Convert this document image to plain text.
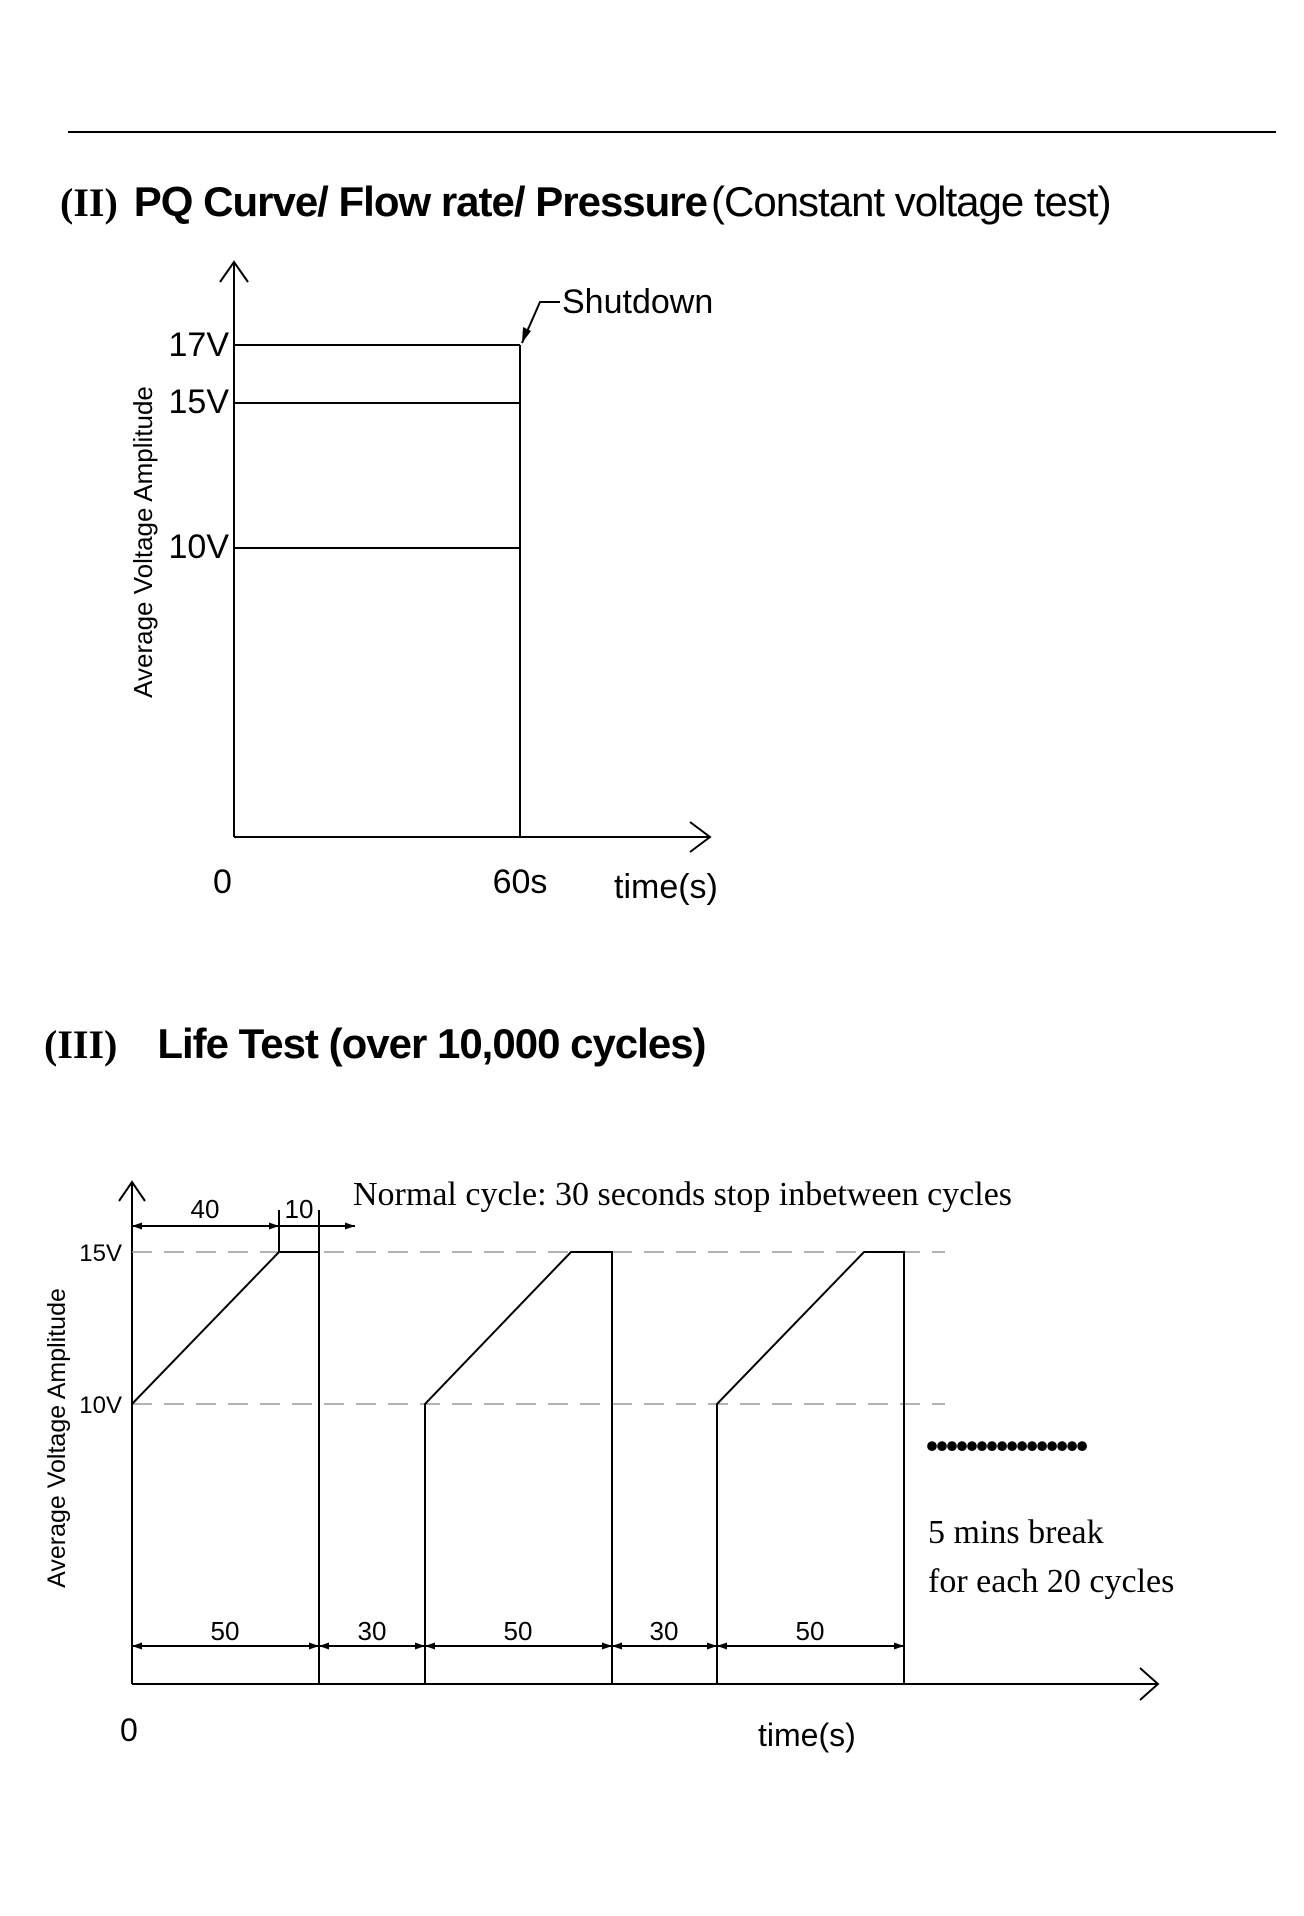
(II) PQ Curve/ Flow rate/ Pressure (Constant voltage test)
(III) Life Test (over 10,000 cycles)
17V
15V
10V
Shutdown
0	60s time(s)
Average Voltage Amplitude
15V
10V
40	10 Normal cycle: 30 seconds stop inbetween cycles
50	30	50	30	50
················
5 mins break
for each 20 cycles
0	time(s)
Average Voltage Amplitude
